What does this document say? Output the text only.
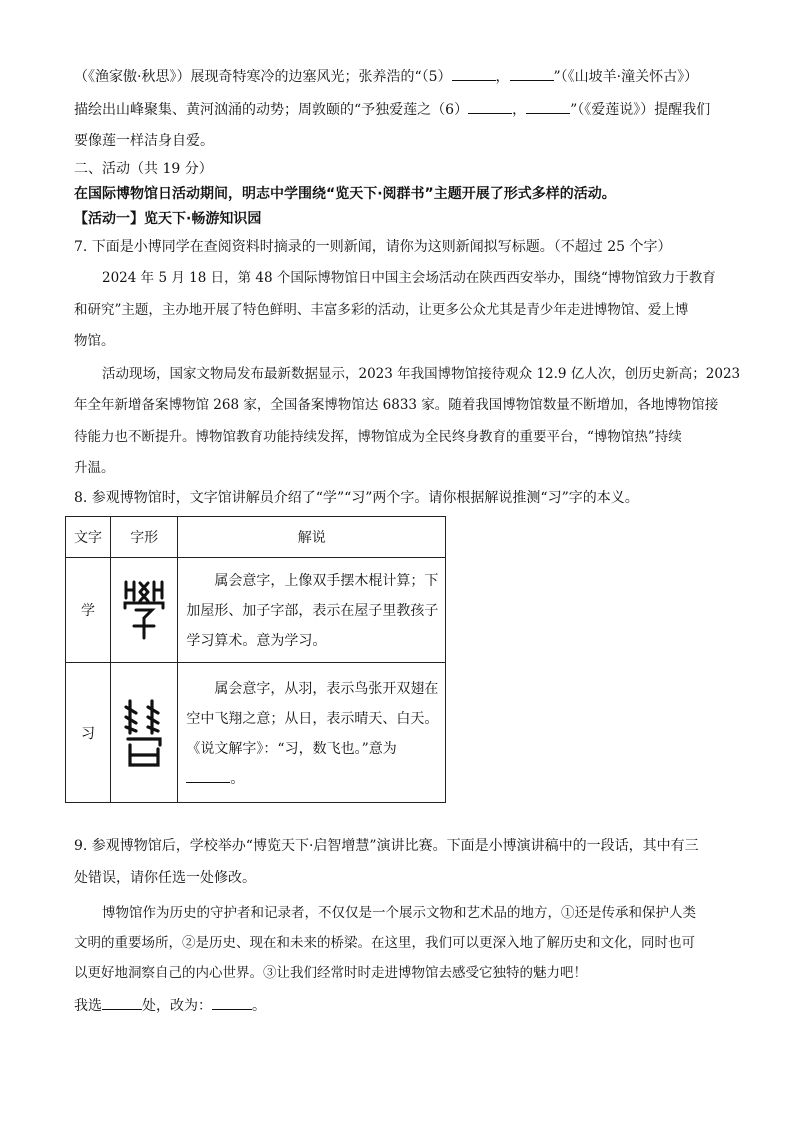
（《渔家傲·秋思》）展现奇特寒冷的边塞风光；张养浩的“（5）	，	”（《山坡羊·潼关怀古》）
描绘出山峰聚集、黄河汹涌的动势；周敦颐的“予独爱莲之（6）	，	”（《爱莲说》）提醒我们
要像莲一样洁身自爱。
二、活动（共 19 分）
在国际博物馆日活动期间，明志中学围绕“览天下·阅群书”主题开展了形式多样的活动。
【活动一】览天下·畅游知识园
7. 下面是小博同学在查阅资料时摘录的一则新闻，请你为这则新闻拟写标题。（不超过 25 个字）
2024 年 5 月 18 日，第 48 个国际博物馆日中国主会场活动在陕西西安举办，围绕“博物馆致力于教育
和研究”主题，主办地开展了特色鲜明、丰富多彩的活动，让更多公众尤其是青少年走进博物馆、爱上博
物馆。
活动现场，国家文物局发布最新数据显示，2023 年我国博物馆接待观众 12.9 亿人次，创历史新高；2023
年全年新增备案博物馆 268 家，全国备案博物馆达 6833 家。随着我国博物馆数量不断增加，各地博物馆接
待能力也不断提升。博物馆教育功能持续发挥，博物馆成为全民终身教育的重要平台，“博物馆热”持续
升温。
8. 参观博物馆时，文字馆讲解员介绍了“学”“习”两个字。请你根据解说推测“习”字的本义。
文字	字形	解说
学		属会意字，上像双手摆木棍计算；下
加屋形、加子字部，表示在屋子里教孩子
学习算术。意为学习。

习		属会意字，从羽，表示鸟张开双翅在
空中飞翔之意；从日，表示晴天、白天。
《说文解字》：“习，数飞也。”意为
。
9. 参观博物馆后，学校举办“博览天下·启智增慧”演讲比赛。下面是小博演讲稿中的一段话，其中有三
处错误，请你任选一处修改。
博物馆作为历史的守护者和记录者，不仅仅是一个展示文物和艺术品的地方，①还是传承和保护人类
文明的重要场所，②是历史、现在和未来的桥梁。在这里，我们可以更深入地了解历史和文化，同时也可
以更好地洞察自己的内心世界。③让我们经常时时走进博物馆去感受它独特的魅力吧！
我选	处，改为：	。
